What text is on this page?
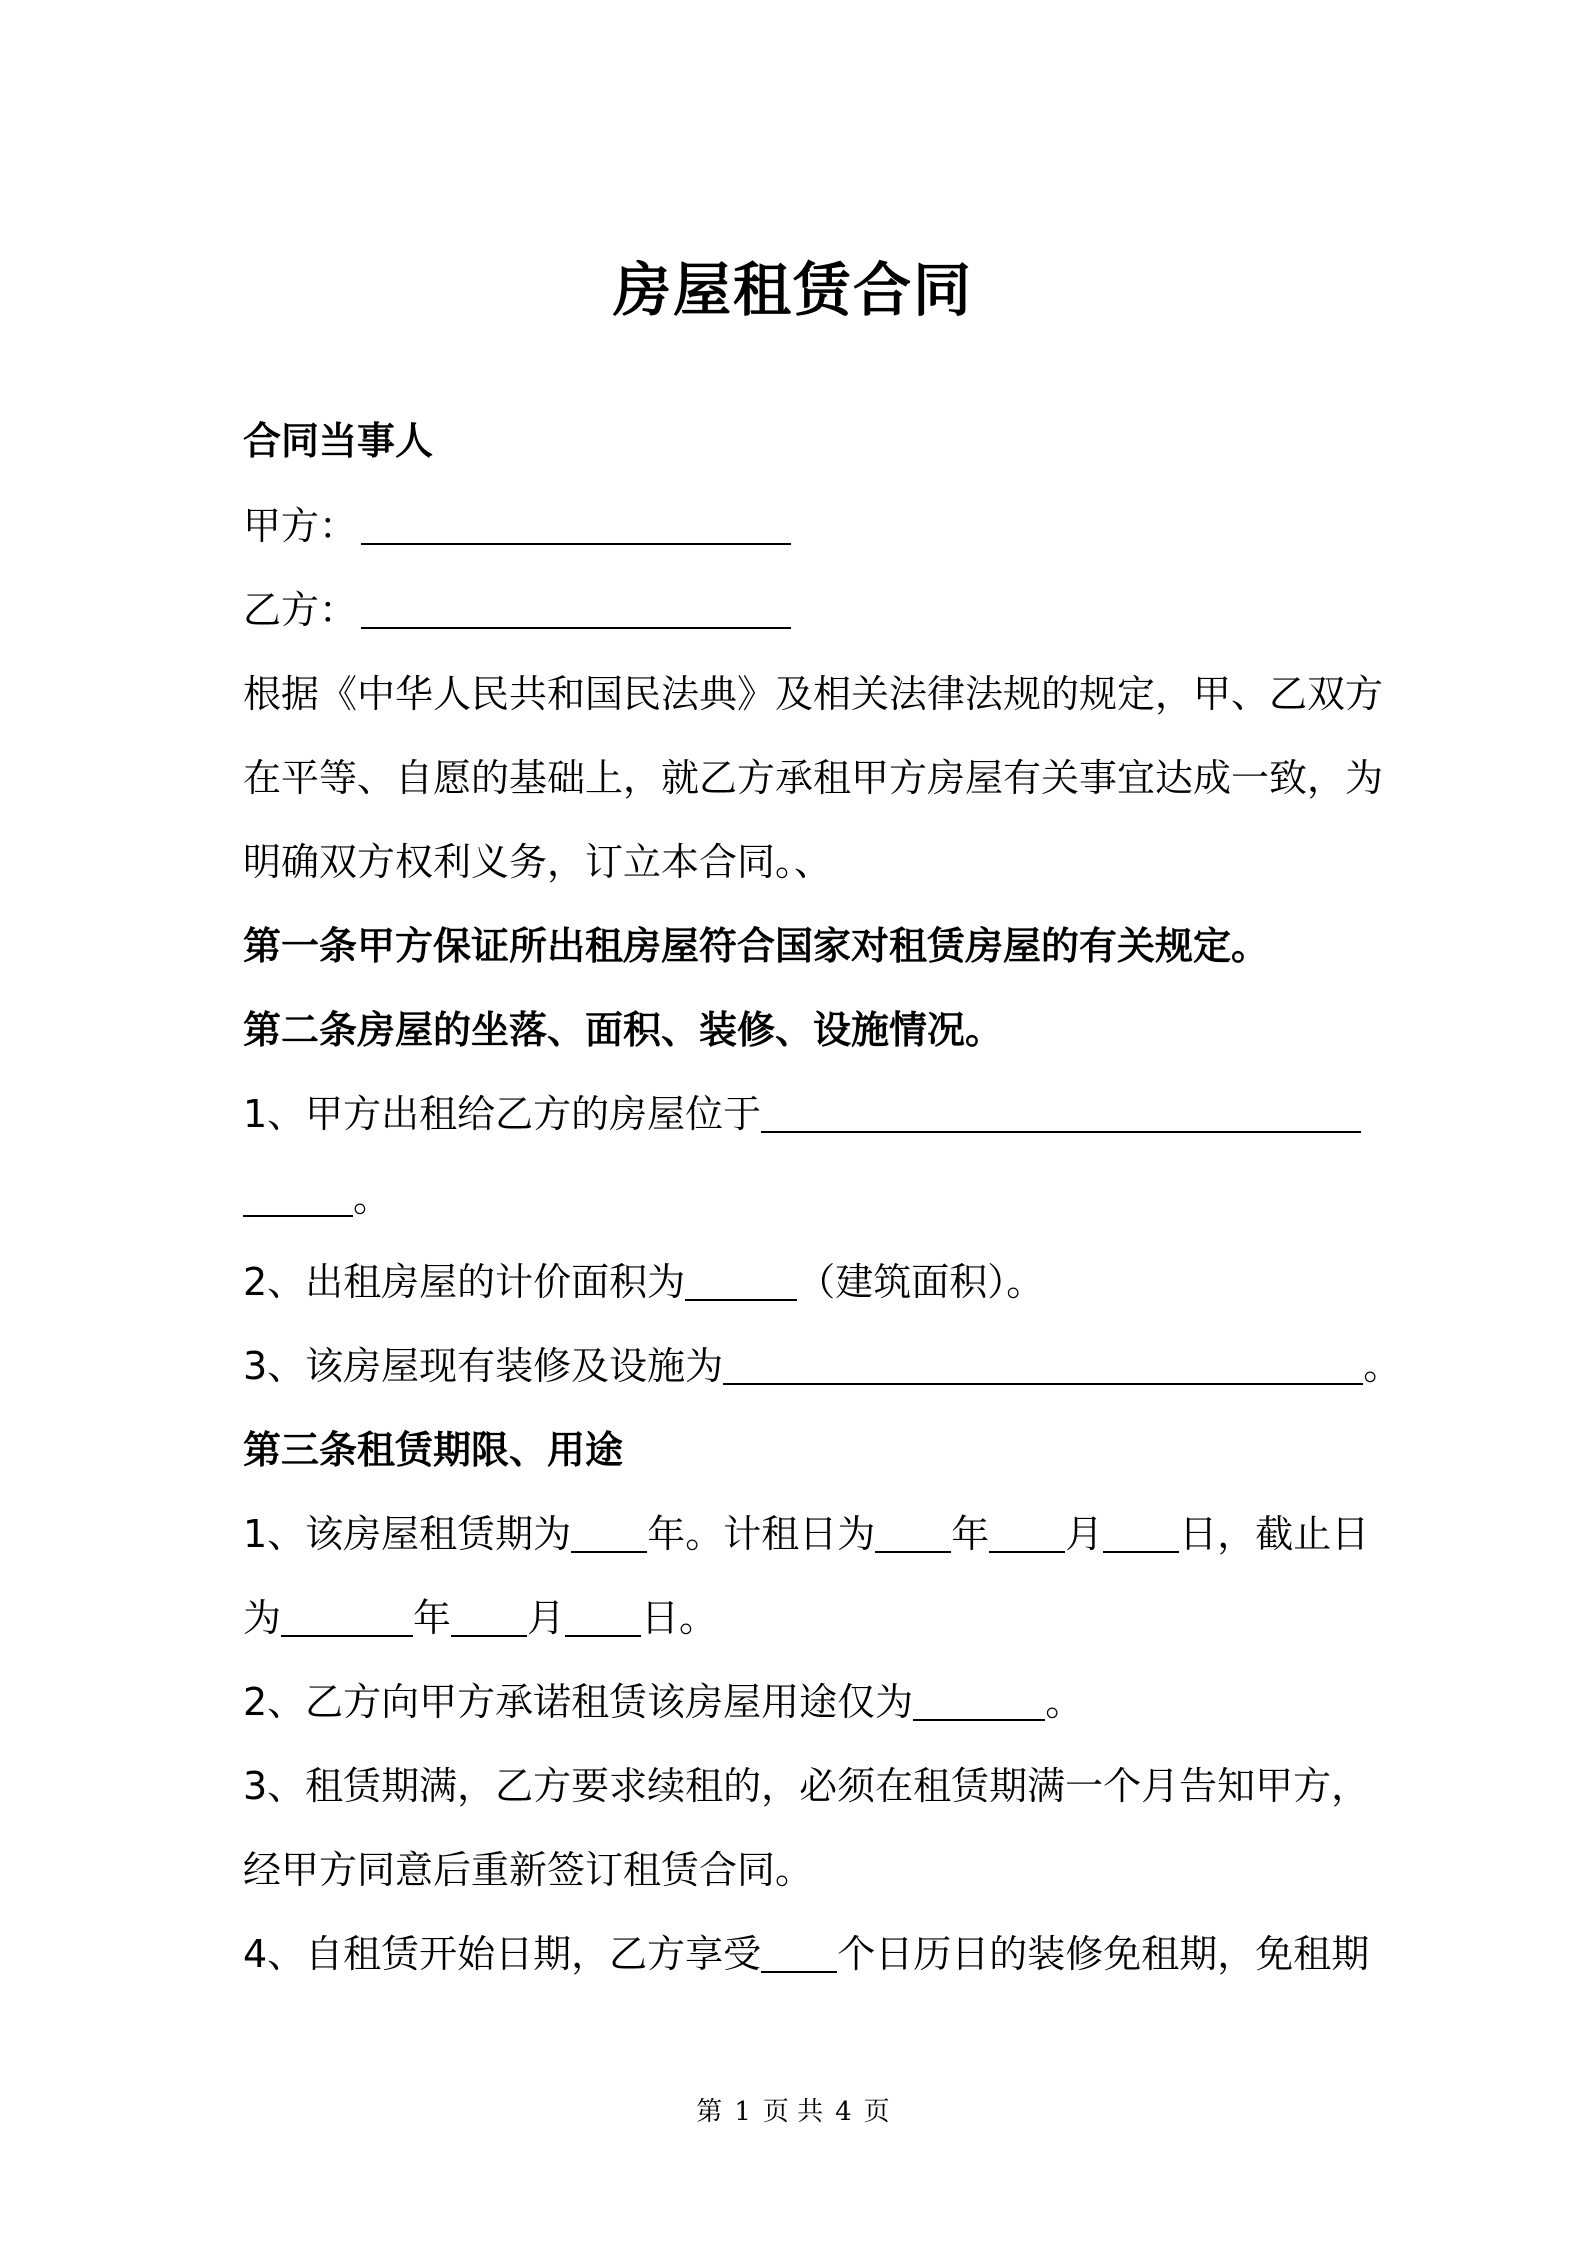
房屋租赁合同
合同当事人
甲方：
乙方：
根据《中华人民共和国民法典》及相关法律法规的规定，甲、乙双方
在平等、自愿的基础上，就乙方承租甲方房屋有关事宜达成一致，为
明确双方权利义务，订立本合同。、
第一条甲方保证所出租房屋符合国家对租赁房屋的有关规定。
第二条房屋的坐落、面积、装修、设施情况。
1、甲方出租给乙方的房屋位于
。
2、出租房屋的计价面积为	（建筑面积）。
3、该房屋现有装修及设施为	。
第三条租赁期限、用途
1、该房屋租赁期为 年。计租日为 年 月 日，截止日
为	年 月 日。
2、乙方向甲方承诺租赁该房屋用途仅为	。
3、租赁期满，乙方要求续租的，必须在租赁期满一个月告知甲方，
经甲方同意后重新签订租赁合同。
4、自租赁开始日期，乙方享受 个日历日的装修免租期，免租期
第 1 页 共 4 页
